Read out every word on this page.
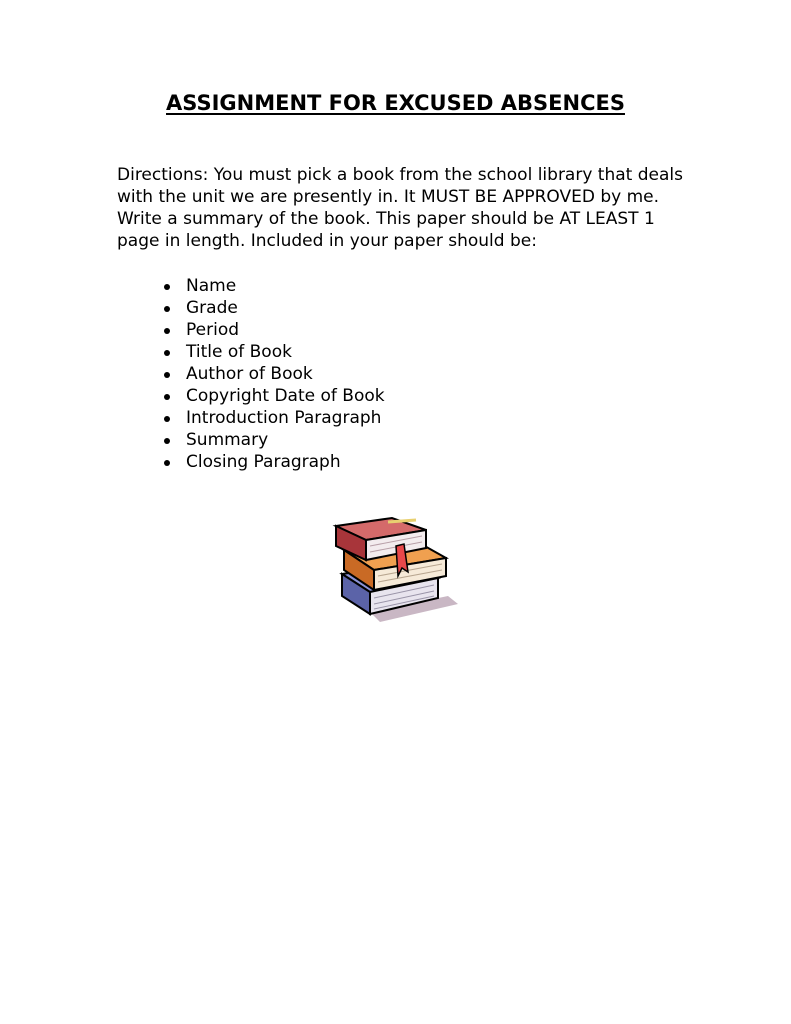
ASSIGNMENT FOR EXCUSED ABSENCES

Directions: You must pick a book from the school library that deals with the unit we are presently in. It MUST BE APPROVED by me. Write a summary of the book. This paper should be AT LEAST 1 page in length. Included in your paper should be:

Name
Grade
Period
Title of Book
Author of Book
Copyright Date of Book
Introduction Paragraph
Summary
Closing Paragraph
